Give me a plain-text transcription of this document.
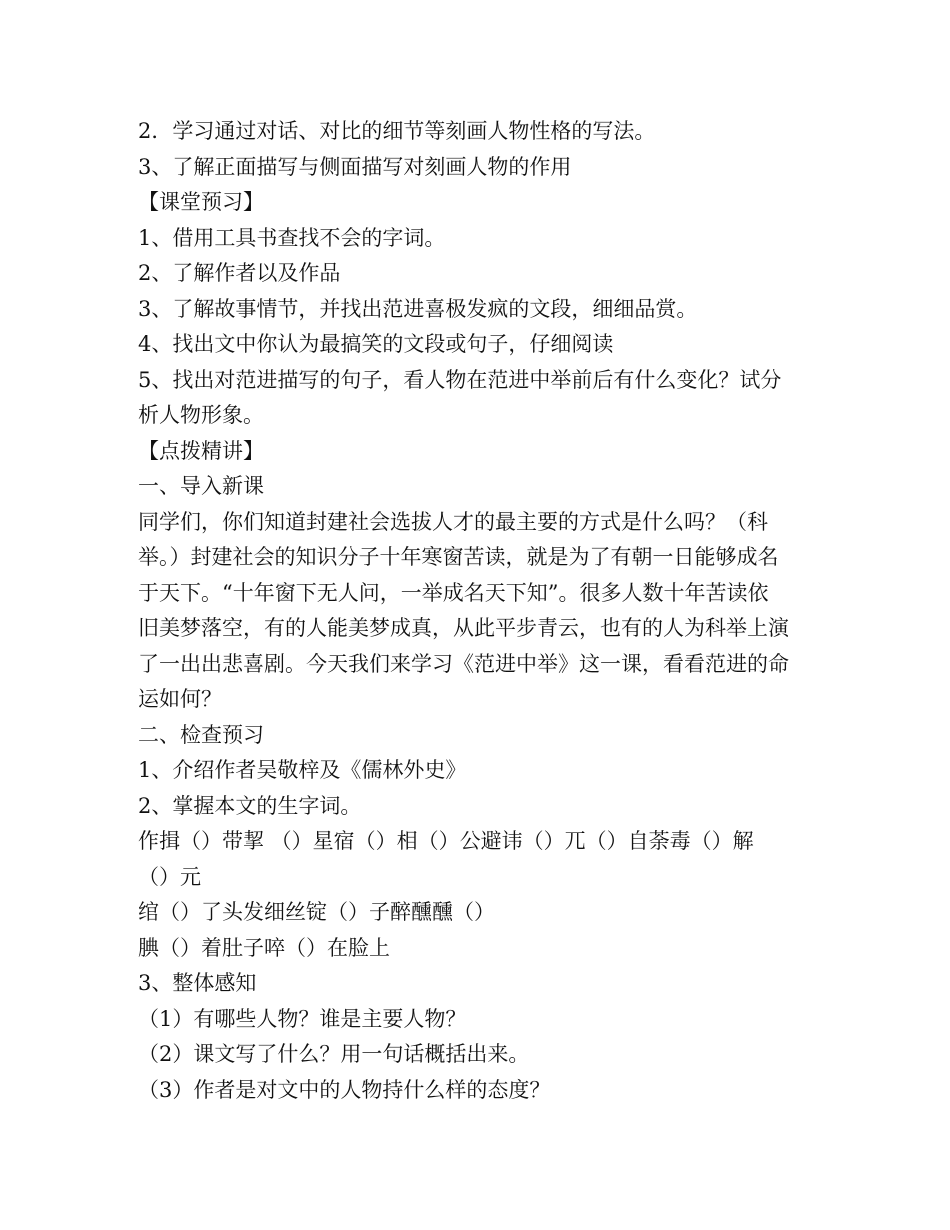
2．学习通过对话、对比的细节等刻画人物性格的写法。
3、了解正面描写与侧面描写对刻画人物的作用
【课堂预习】
1、借用工具书查找不会的字词。
2、了解作者以及作品
3、了解故事情节，并找出范进喜极发疯的文段，细细品赏。
4、找出文中你认为最搞笑的文段或句子，仔细阅读
5、找出对范进描写的句子，看人物在范进中举前后有什么变化？试分
析人物形象。
【点拨精讲】
一、导入新课
同学们，你们知道封建社会选拔人才的最主要的方式是什么吗？（科
举。）封建社会的知识分子十年寒窗苦读，就是为了有朝一日能够成名
于天下。“十年窗下无人问，一举成名天下知”。很多人数十年苦读依
旧美梦落空，有的人能美梦成真，从此平步青云，也有的人为科举上演
了一出出悲喜剧。今天我们来学习《范进中举》这一课，看看范进的命
运如何？
二、检查预习
1、介绍作者吴敬梓及《儒林外史》
2、掌握本文的生字词。
作揖（）带挈 （）星宿（）相（）公避讳（）兀（）自荼毒（）解
（）元
绾（）了头发细丝锭（）子醉醺醺（）
腆（）着肚子啐（）在脸上
3、整体感知
（1）有哪些人物？谁是主要人物？
（2）课文写了什么？用一句话概括出来。
（3）作者是对文中的人物持什么样的态度？
